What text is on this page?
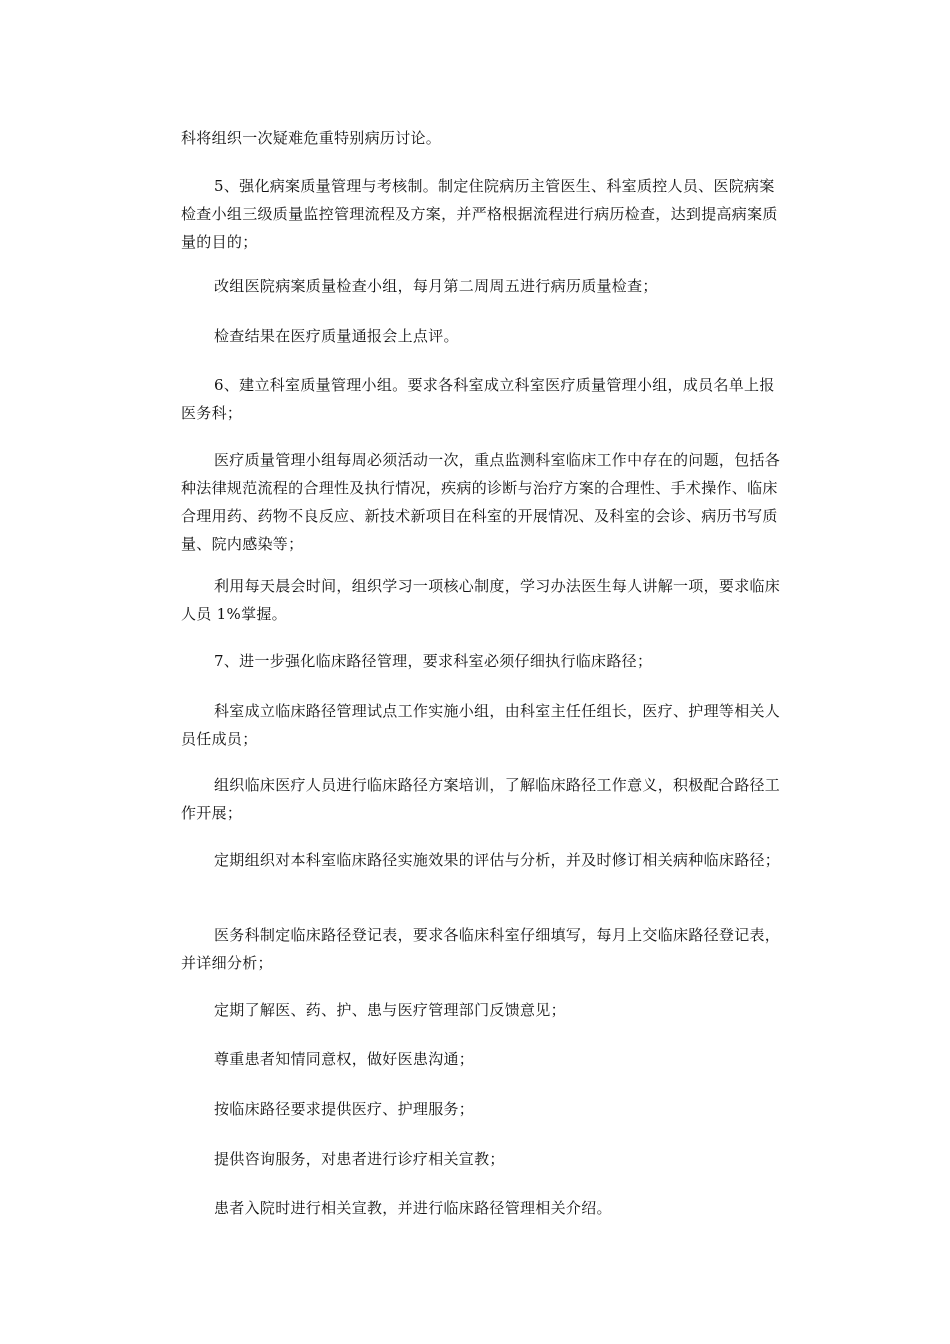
科将组织一次疑难危重特别病历讨论。

5、强化病案质量管理与考核制。制定住院病历主管医生、科室质控人员、医院病案检查小组三级质量监控管理流程及方案，并严格根据流程进行病历检查，达到提高病案质量的目的；

改组医院病案质量检查小组，每月第二周周五进行病历质量检查；

检查结果在医疗质量通报会上点评。

6、建立科室质量管理小组。要求各科室成立科室医疗质量管理小组，成员名单上报医务科；

医疗质量管理小组每周必须活动一次，重点监测科室临床工作中存在的问题，包括各种法律规范流程的合理性及执行情况，疾病的诊断与治疗方案的合理性、手术操作、临床合理用药、药物不良反应、新技术新项目在科室的开展情况、及科室的会诊、病历书写质量、院内感染等；

利用每天晨会时间，组织学习一项核心制度，学习办法医生每人讲解一项，要求临床人员 1%掌握。

7、进一步强化临床路径管理，要求科室必须仔细执行临床路径；

科室成立临床路径管理试点工作实施小组，由科室主任任组长，医疗、护理等相关人员任成员；

组织临床医疗人员进行临床路径方案培训，了解临床路径工作意义，积极配合路径工作开展；

定期组织对本科室临床路径实施效果的评估与分析，并及时修订相关病种临床路径；

医务科制定临床路径登记表，要求各临床科室仔细填写，每月上交临床路径登记表，并详细分析；

定期了解医、药、护、患与医疗管理部门反馈意见；

尊重患者知情同意权，做好医患沟通；

按临床路径要求提供医疗、护理服务；

提供咨询服务，对患者进行诊疗相关宣教；

患者入院时进行相关宣教，并进行临床路径管理相关介绍。
